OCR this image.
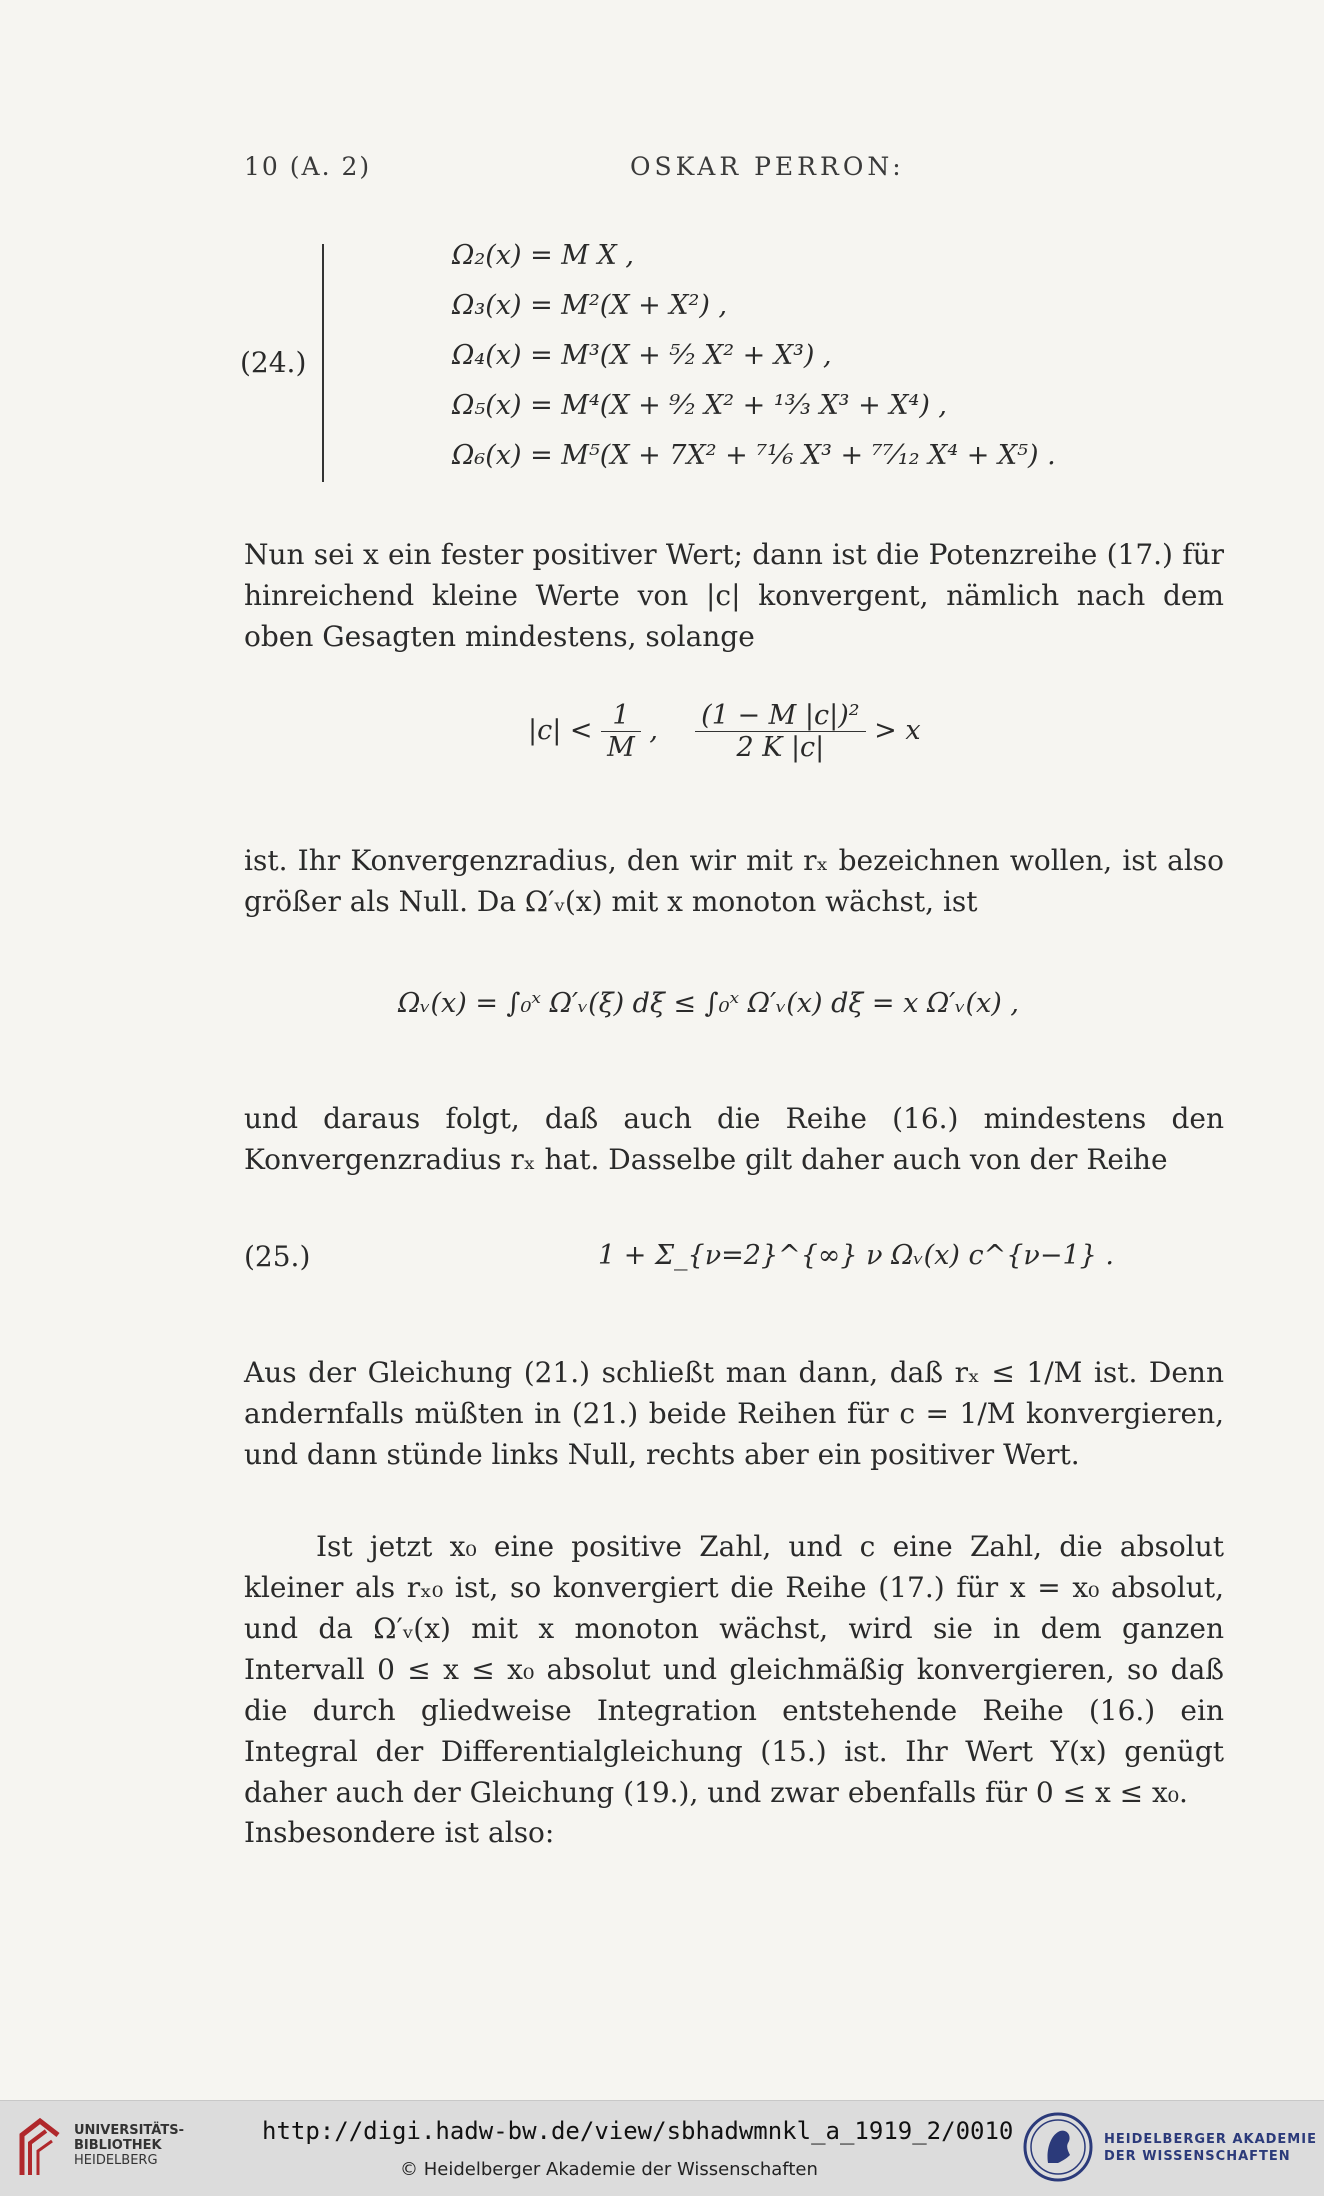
10 (A. 2)	OSKAR PERRON:
(24.)
Ω₂(x) = M X ,
Ω₃(x) = M²(X + X²) ,
Ω₄(x) = M³(X + ⁵⁄₂ X² + X³) ,
Ω₅(x) = M⁴(X + ⁹⁄₂ X² + ¹³⁄₃ X³ + X⁴) ,
Ω₆(x) = M⁵(X + 7X² + ⁷¹⁄₆ X³ + ⁷⁷⁄₁₂ X⁴ + X⁵) .
Nun sei x ein fester positiver Wert; dann ist die Potenzreihe (17.) für hinreichend kleine Werte von |c| konvergent, nämlich nach dem oben Gesagten mindestens, solange
$|c| < \frac{1}{M}$ , $\frac{\text{(1 − M |c|)²}}{2 K |c|} > x$
ist. Ihr Konvergenzradius, den wir mit rₓ bezeichnen wollen, ist also größer als Null. Da Ω′ᵥ(x) mit x monoton wächst, ist
Ωᵥ(x) = ∫₀ˣ Ω′ᵥ(ξ) dξ ≤ ∫₀ˣ Ω′ᵥ(x) dξ = x Ω′ᵥ(x) ,
und daraus folgt, daß auch die Reihe (16.) mindestens den Konvergenzradius rₓ hat. Dasselbe gilt daher auch von der Reihe
(25.)	1 + Σ_{ν=2}^{∞} ν Ωᵥ(x) c^{ν−1} .
Aus der Gleichung (21.) schließt man dann, daß rₓ ≤ 1/M ist. Denn andernfalls müßten in (21.) beide Reihen für c = 1/M konvergieren, und dann stünde links Null, rechts aber ein positiver Wert.
Ist jetzt x₀ eine positive Zahl, und c eine Zahl, die absolut kleiner als rₓ₀ ist, so konvergiert die Reihe (17.) für x = x₀ absolut, und da Ω′ᵥ(x) mit x monoton wächst, wird sie in dem ganzen Intervall 0 ≤ x ≤ x₀ absolut und gleichmäßig konvergieren, so daß die durch gliedweise Integration entstehende Reihe (16.) ein Integral der Differentialgleichung (15.) ist. Ihr Wert Y(x) genügt daher auch der Gleichung (19.), und zwar ebenfalls für 0 ≤ x ≤ x₀.
Insbesondere ist also:
UNIVERSITÄTS-
BIBLIOTHEK
HEIDELBERG
http://digi.hadw-bw.de/view/sbhadwmnkl_a_1919_2/0010
© Heidelberger Akademie der Wissenschaften
HEIDELBERGER AKADEMIE
DER WISSENSCHAFTEN
